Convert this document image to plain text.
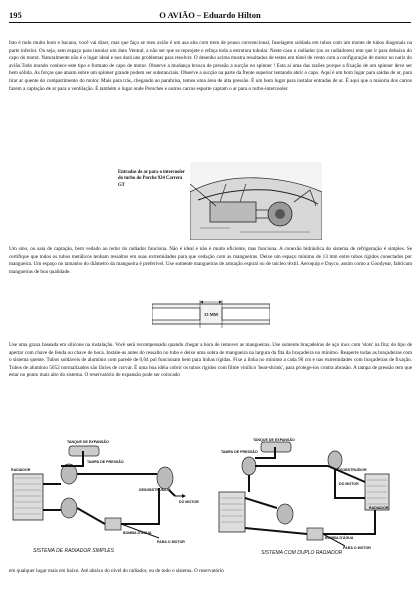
195	O AVIÃO – Eduardo Hilton

Isto é tudo muito bom e bacana, você vai dizer, mas que faço se meu avião é um asa alta com trem de pouso convencional, fuselagem soldada em tubos com um monte de tubos diagonais na parte inferior. Ou seja, sem espaço para instalar um duto Ventral, a não ser que se reprojete e refaça toda a estrutura tubular. Neste caso o radiador (ou os radiadores) tem que ir para debaixo do capo do motor. Naturalmente não é o lugar ideal e nos dará uns problemas para resolver. O desenho acima mostra resultados de testes em túnel de vento com a configuração de motor no nariz do avião.Todo mundo conhece este tipo e formato de capo de motor. Observe a mudança brusca de pressão a sucção no spinner ! Esta ai uma das razões porque a fixação de um spinner deve ser bem sólida. As forças que atuam sobre um spinner grande podem ser substanciais. Observe a sucção na parte da frente superior tentando abrir o capo. Aqui é um bom lugar para saídas de ar, para tirar ar quente do compartimento do motor. Mais para trás, chegando ao parabrisa, temos uma área de alta pressão. É um bom lugar para instalar entradas de ar. É aqui que a maioria dos carros fazem a captação de ar para a ventilação. É também o lugar onde Porsches e outros carros esporte captam o ar para o turbo-intercooler.

Entradas de ar para o intercooler do turbo do Porche 924 Carrera GT

Um sino, ou saia de captação, bem vedado ao redor do radiador funciona. Não é ideal e não é muito eficiente, mas funciona. A conexão hidráulica do sistema de refrigeração é simples. Se certifique que todos os tubos metálicos tenham ressaltos em suas extremidades para que vedação com as mangueiras. Deixe um espaço mínimo de 13 mm entre tubos rígidos conectados por mangueira. Um espaço no tamanho do diâmetro da mangueira é preferível. Use somente mangueiras de armação espiral ou de núcleo têxtil. Aeroquip e Dayco, assim como a Goodyear, fabricam mangueiras de boa qualidade.

13 MM

Use uma graxa baseada em silicone na instalação. Você será recompensado quando chegar a hora de remover as mangueiras. Use somente braçadeiras de aço inox com 'slots' na fita; do tipo de apertar com chave de fenda ou chave de boca. Instale-as antes do ressalto no tubo e deixe uma sobra de mangueira na largura da fita da braçadeira no mínimo. Reaperte todas as braçadeiras com o sistema quente. Tubos soldáveis de alumínio com parede de 0,04 pol funcionam bem para linhas rígidas. Fixe a linha no mínimo a cada 90 cm e nas extremidades com braçadeiras de fixação. Tubos de alumínio 5052 normalizados são fácies de curvar. É uma boa idéia cobrir os tubos rígidos com filme vinílico 'heat-shrink', para protege-los contra abrasão. A tampa de pressão tem que estar no ponto mais alto do sistema. O reservatório de expansão pode ser colocado

TANQUE DE EXPANSÃO
TAMPA DE PRESSÃO
RADIADOR
DESOBSTRUÍDOR
DO MOTOR
BOMBA D'ÁGUA
PARA O MOTOR
SISTEMA DE RADIADOR SIMPLES
TANQUE DE EXPANSÃO
TAMPA DE PRESSÃO
DESOBSTRUÍDOR
DO MOTOR
RADIADOR
BOMBA D'ÁGUA
PARA O MOTOR
SISTEMA COM DUPLO RADIADOR

em qualquer lugar mais em baixo. Até abaixo do nível do radiador, ou de todo o sistema. O reservatório
